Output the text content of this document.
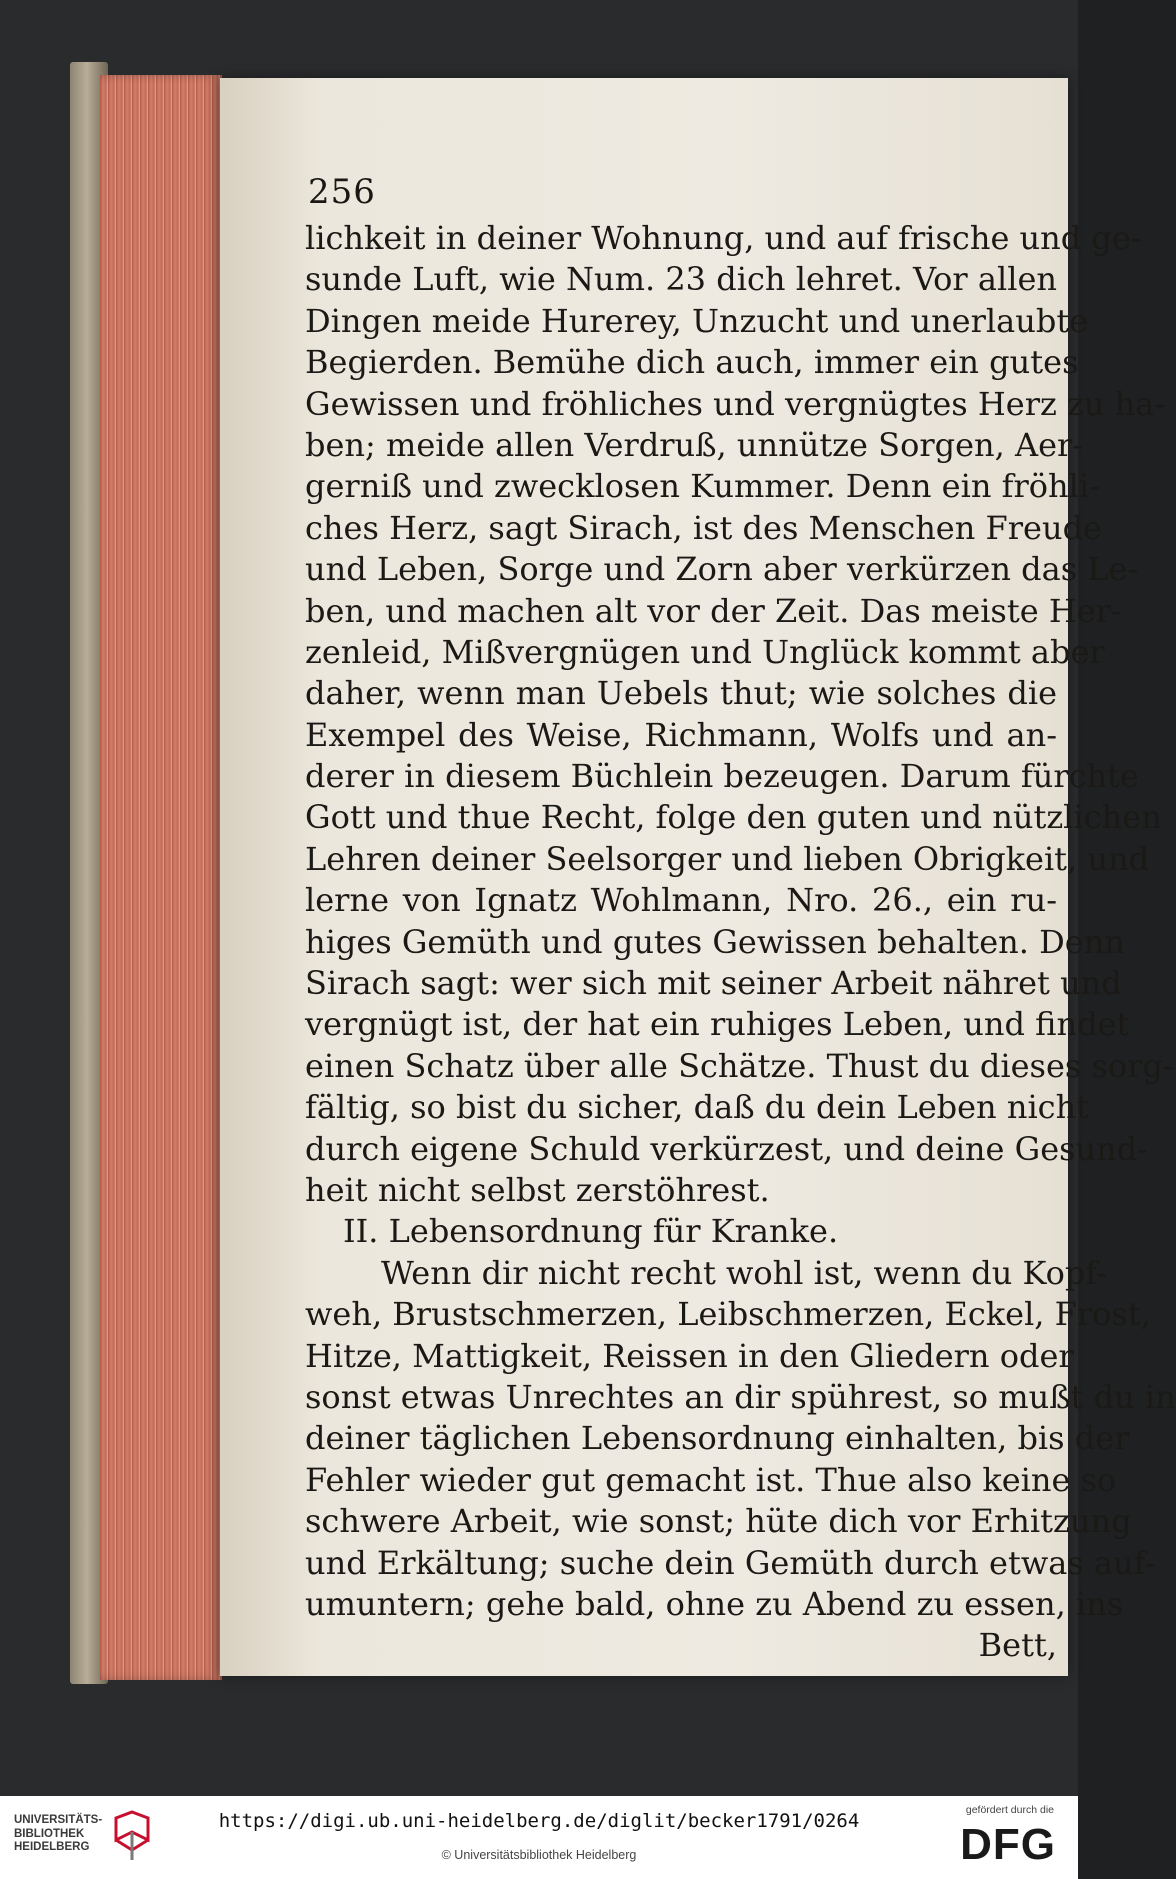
256
lichkeit in deiner Wohnung, und auf frische und ge-
sunde Luft, wie Num. 23 dich lehret. Vor allen
Dingen meide Hurerey, Unzucht und unerlaubte
Begierden. Bemühe dich auch, immer ein gutes
Gewissen und fröhliches und vergnügtes Herz zu ha-
ben; meide allen Verdruß, unnütze Sorgen, Aer-
gerniß und zwecklosen Kummer. Denn ein fröhli-
ches Herz, sagt Sirach, ist des Menschen Freude
und Leben, Sorge und Zorn aber verkürzen das Le-
ben, und machen alt vor der Zeit. Das meiste Her-
zenleid, Mißvergnügen und Unglück kommt aber
daher, wenn man Uebels thut; wie solches die
Exempel des Weise, Richmann, Wolfs und an-
derer in diesem Büchlein bezeugen. Darum fürchte
Gott und thue Recht, folge den guten und nützlichen
Lehren deiner Seelsorger und lieben Obrigkeit, und
lerne von Ignatz Wohlmann, Nro. 26., ein ru-
higes Gemüth und gutes Gewissen behalten. Denn
Sirach sagt: wer sich mit seiner Arbeit nähret und
vergnügt ist, der hat ein ruhiges Leben, und findet
einen Schatz über alle Schätze. Thust du dieses sorg-
fältig, so bist du sicher, daß du dein Leben nicht
durch eigene Schuld verkürzest, und deine Gesund-
heit nicht selbst zerstöhrest.
II. Lebensordnung für Kranke.
Wenn dir nicht recht wohl ist, wenn du Kopf-
weh, Brustschmerzen, Leibschmerzen, Eckel, Frost,
Hitze, Mattigkeit, Reissen in den Gliedern oder
sonst etwas Unrechtes an dir spührest, so mußt du in
deiner täglichen Lebensordnung einhalten, bis der
Fehler wieder gut gemacht ist. Thue also keine so
schwere Arbeit, wie sonst; hüte dich vor Erhitzung
und Erkältung; suche dein Gemüth durch etwas auf-
umuntern; gehe bald, ohne zu Abend zu essen, ins
Bett,
UNIVERSITÄTS-
BIBLIOTHEK
HEIDELBERG
https://digi.ub.uni-heidelberg.de/diglit/becker1791/0264
© Universitätsbibliothek Heidelberg
gefördert durch die
DFG
